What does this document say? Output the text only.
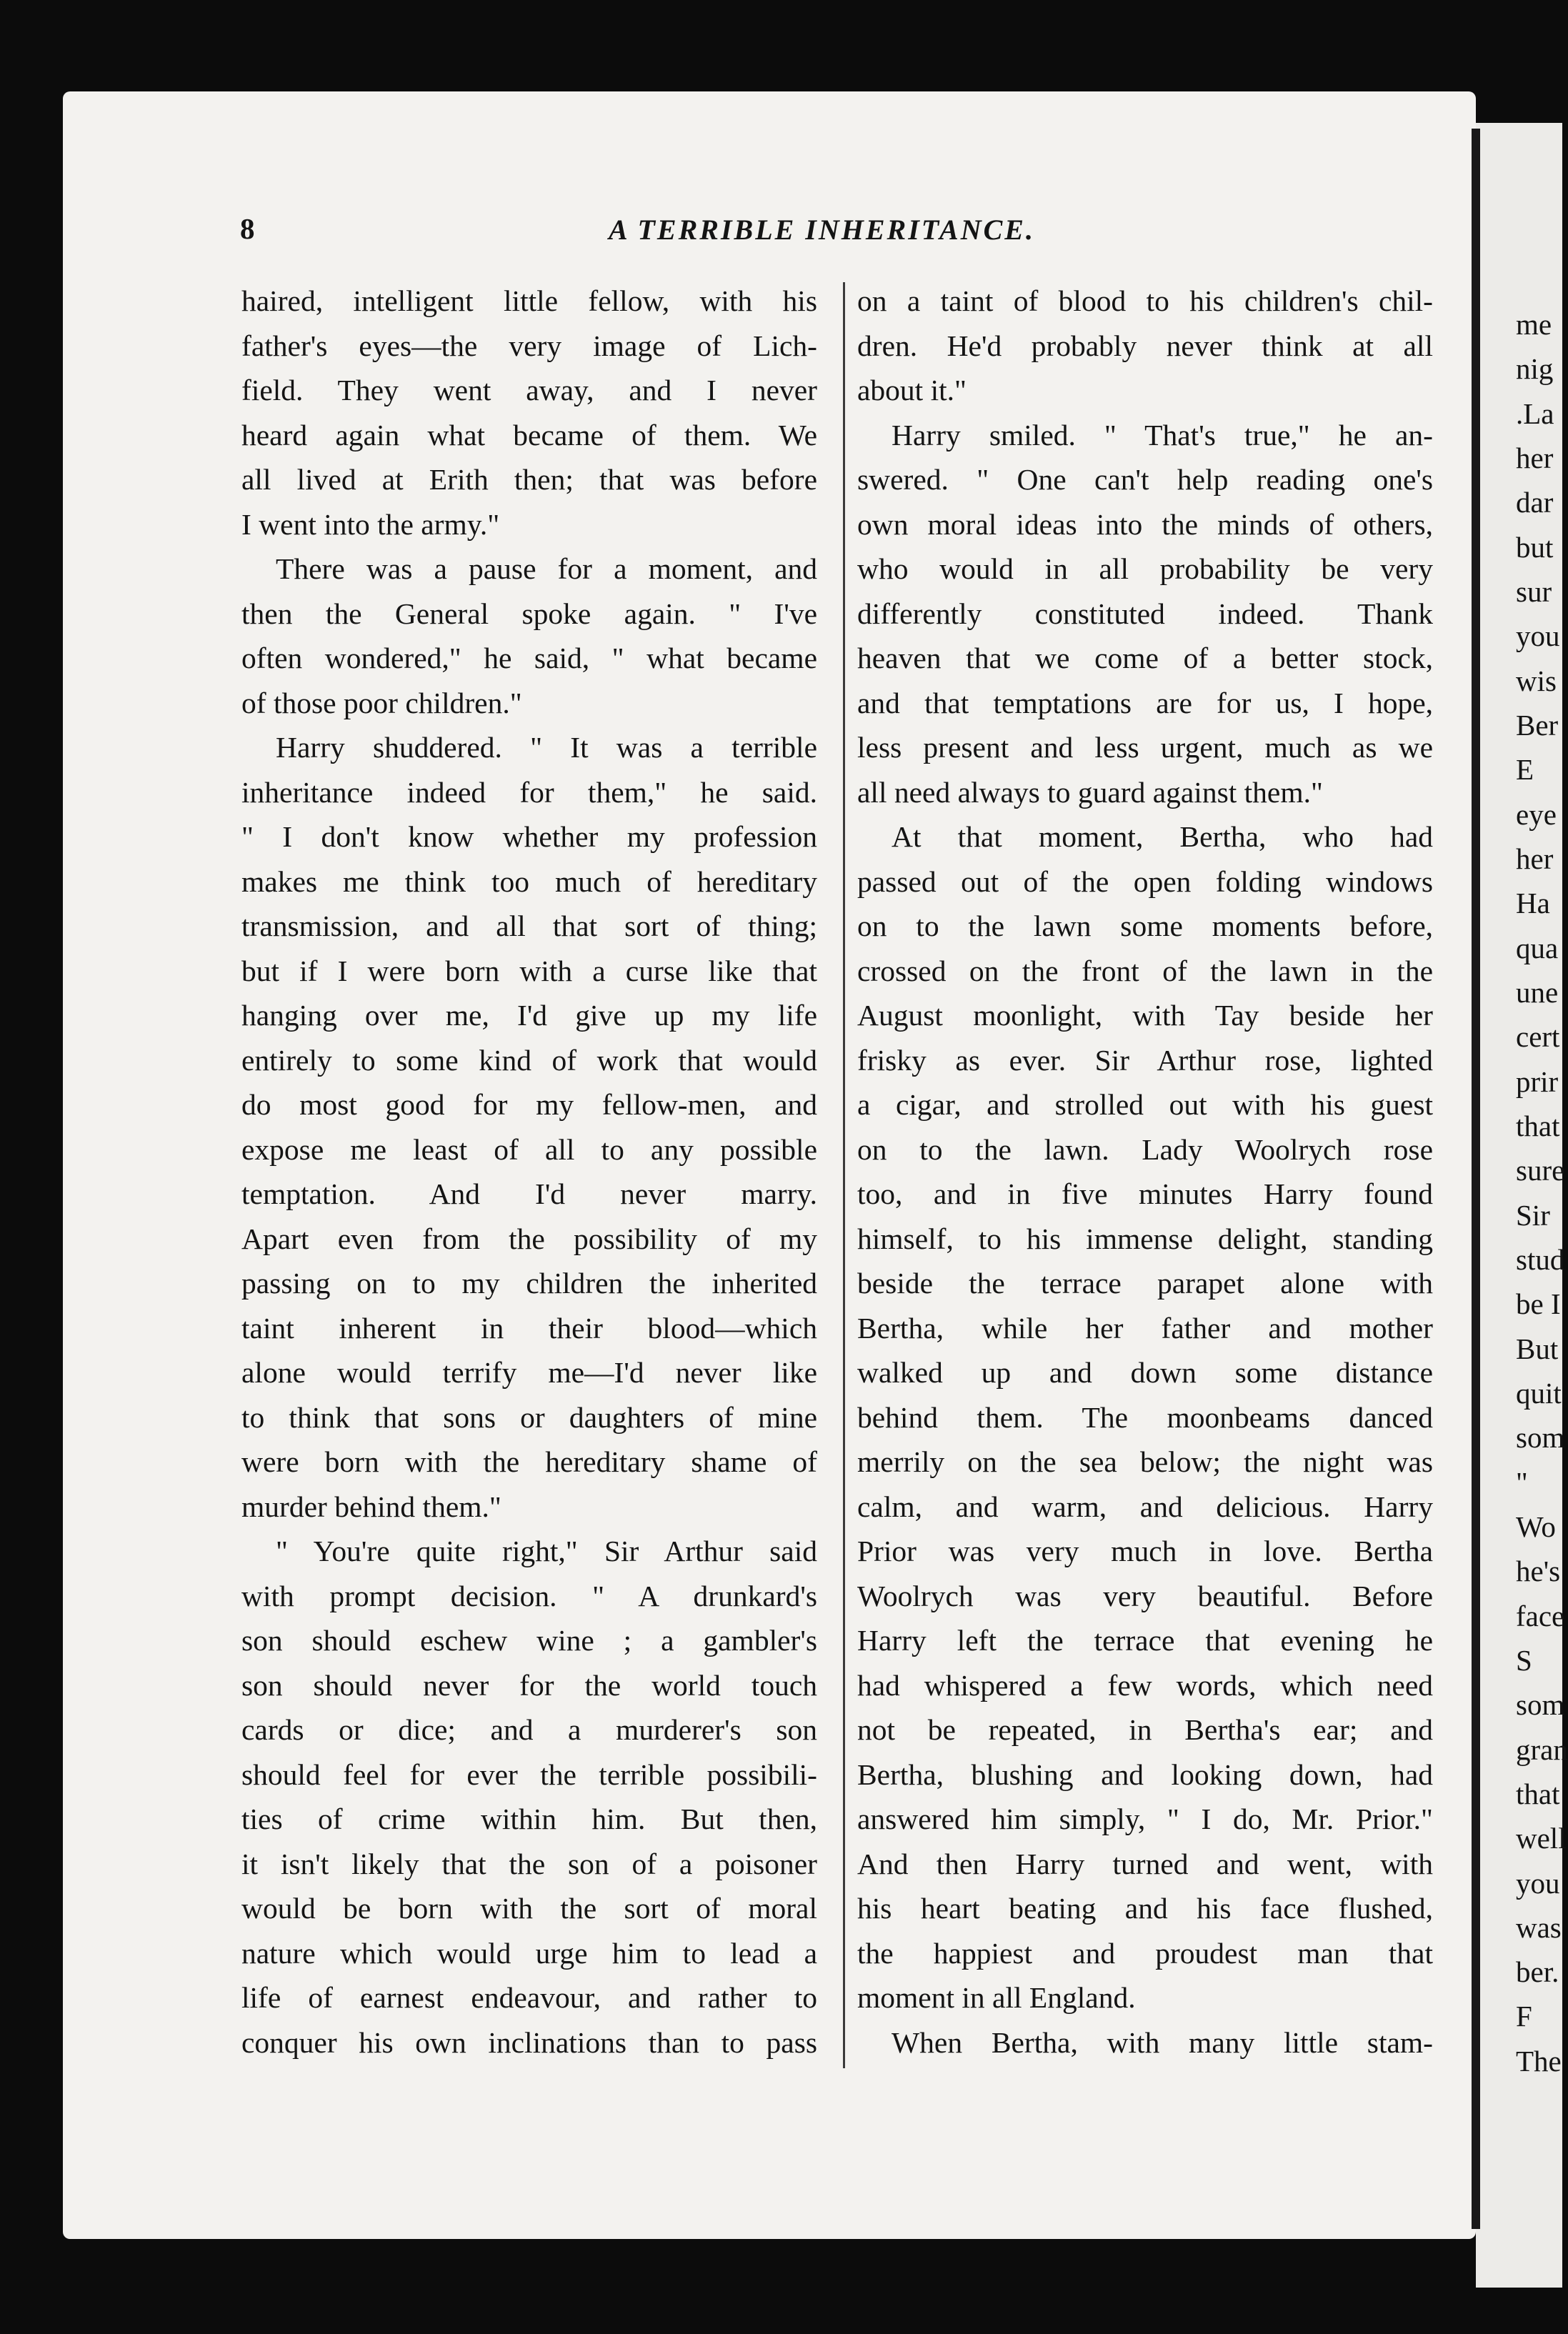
8	A TERRIBLE INHERITANCE.
haired, intelligent little fellow, with his
father's eyes—the very image of Lich-
field. They went away, and I never
heard again what became of them. We
all lived at Erith then; that was before
I went into the army."
There was a pause for a moment, and
then the General spoke again. " I've
often wondered," he said, " what became
of those poor children."
Harry shuddered. " It was a terrible
inheritance indeed for them," he said.
" I don't know whether my profession
makes me think too much of hereditary
transmission, and all that sort of thing;
but if I were born with a curse like that
hanging over me, I'd give up my life
entirely to some kind of work that would
do most good for my fellow-men, and
expose me least of all to any possible
temptation. And I'd never marry.
Apart even from the possibility of my
passing on to my children the inherited
taint inherent in their blood—which
alone would terrify me—I'd never like
to think that sons or daughters of mine
were born with the hereditary shame of
murder behind them."
" You're quite right," Sir Arthur said
with prompt decision. " A drunkard's
son should eschew wine ; a gambler's
son should never for the world touch
cards or dice; and a murderer's son
should feel for ever the terrible possibili-
ties of crime within him. But then,
it isn't likely that the son of a poisoner
would be born with the sort of moral
nature which would urge him to lead a
life of earnest endeavour, and rather to
conquer his own inclinations than to pass
on a taint of blood to his children's chil-
dren. He'd probably never think at all
about it."
Harry smiled. " That's true," he an-
swered. " One can't help reading one's
own moral ideas into the minds of others,
who would in all probability be very
differently constituted indeed. Thank
heaven that we come of a better stock,
and that temptations are for us, I hope,
less present and less urgent, much as we
all need always to guard against them."
At that moment, Bertha, who had
passed out of the open folding windows
on to the lawn some moments before,
crossed on the front of the lawn in the
August moonlight, with Tay beside her
frisky as ever. Sir Arthur rose, lighted
a cigar, and strolled out with his guest
on to the lawn. Lady Woolrych rose
too, and in five minutes Harry found
himself, to his immense delight, standing
beside the terrace parapet alone with
Bertha, while her father and mother
walked up and down some distance
behind them. The moonbeams danced
merrily on the sea below; the night was
calm, and warm, and delicious. Harry
Prior was very much in love. Bertha
Woolrych was very beautiful. Before
Harry left the terrace that evening he
had whispered a few words, which need
not be repeated, in Bertha's ear; and
Bertha, blushing and looking down, had
answered him simply, " I do, Mr. Prior."
And then Harry turned and went, with
his heart beating and his face flushed,
the happiest and proudest man that
moment in all England.
When Bertha, with many little stam-
me
nig
.La
her
dar
but
sur
you
wis
Ber
E
eye
her
Ha
qua
une
cert
prir
that
sure
Sir
stud
be I
But
quit
som
"
Wo
he's
face
S
som
gran
that
well
you
was
ber.
F
The
